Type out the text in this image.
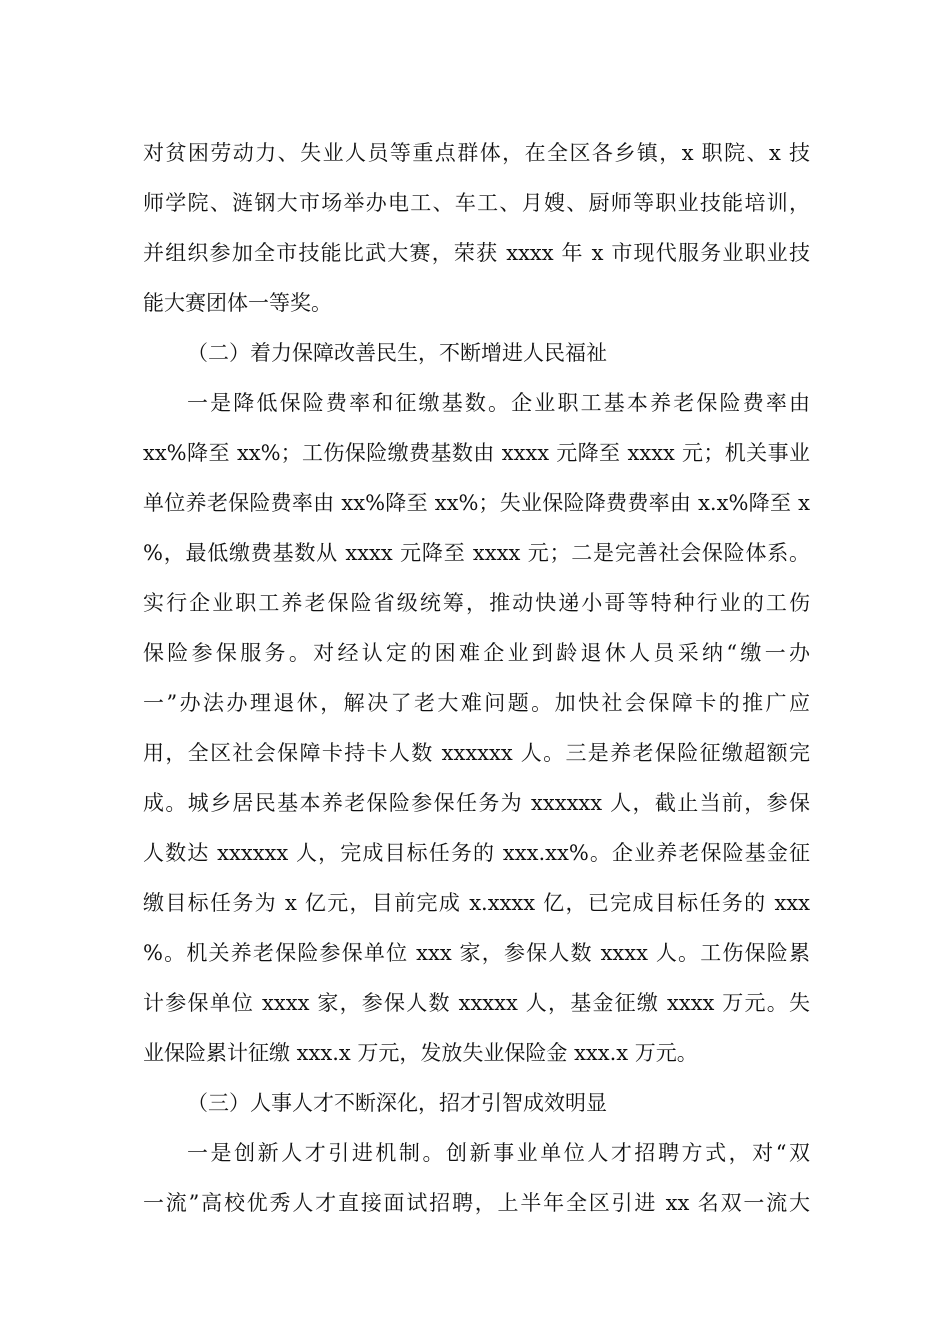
对贫困劳动力、失业人员等重点群体，在全区各乡镇，x 职院、x 技
师学院、涟钢大市场举办电工、车工、月嫂、厨师等职业技能培训，
并组织参加全市技能比武大赛，荣获 xxxx 年 x 市现代服务业职业技
能大赛团体一等奖。
（二）着力保障改善民生，不断增进人民福祉
一是降低保险费率和征缴基数。企业职工基本养老保险费率由
xx%降至 xx%；工伤保险缴费基数由 xxxx 元降至 xxxx 元；机关事业
单位养老保险费率由 xx%降至 xx%；失业保险降费费率由 x.x%降至 x
%，最低缴费基数从 xxxx 元降至 xxxx 元；二是完善社会保险体系。
实行企业职工养老保险省级统筹，推动快递小哥等特种行业的工伤
保险参保服务。对经认定的困难企业到龄退休人员采纳“缴一办
一”办法办理退休，解决了老大难问题。加快社会保障卡的推广应
用，全区社会保障卡持卡人数 xxxxxx 人。三是养老保险征缴超额完
成。城乡居民基本养老保险参保任务为 xxxxxx 人，截止当前，参保
人数达 xxxxxx 人，完成目标任务的 xxx.xx%。企业养老保险基金征
缴目标任务为 x 亿元，目前完成 x.xxxx 亿，已完成目标任务的 xxx
%。机关养老保险参保单位 xxx 家，参保人数 xxxx 人。工伤保险累
计参保单位 xxxx 家，参保人数 xxxxx 人，基金征缴 xxxx 万元。失
业保险累计征缴 xxx.x 万元，发放失业保险金 xxx.x 万元。
（三）人事人才不断深化，招才引智成效明显
一是创新人才引进机制。创新事业单位人才招聘方式，对“双
一流”高校优秀人才直接面试招聘，上半年全区引进 xx 名双一流大
